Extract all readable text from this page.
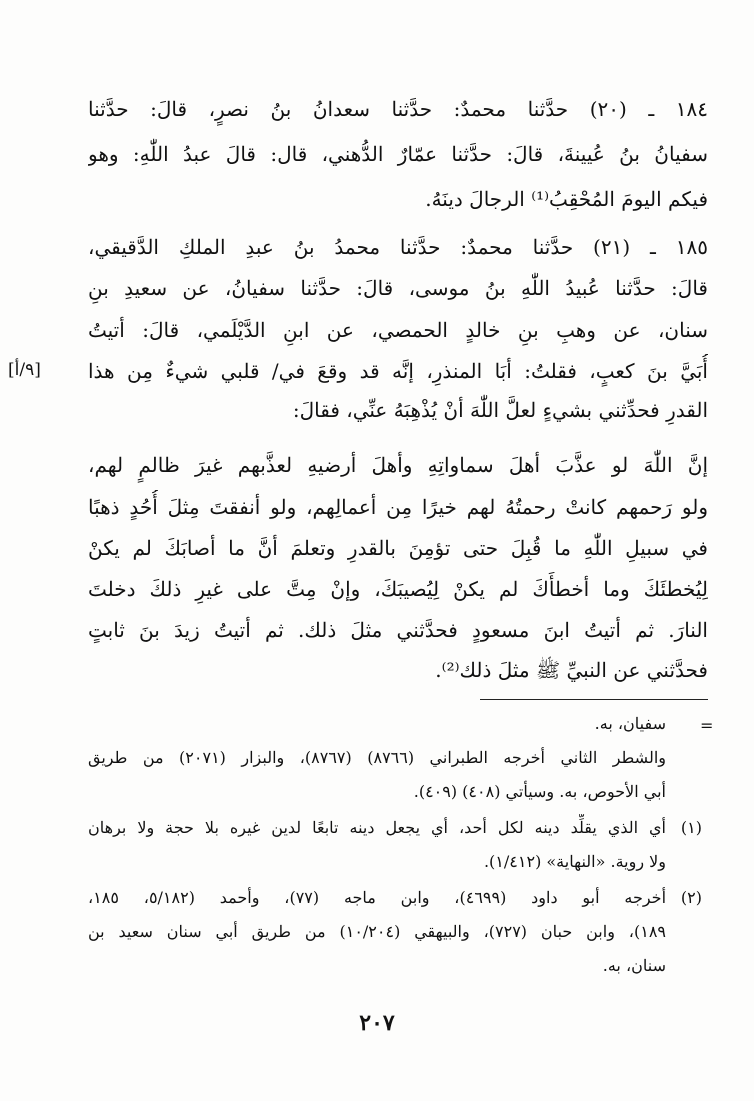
١٨٤ ـ (٢٠) حدَّثنا محمدٌ: حدَّثنا سعدانُ بنُ نصرٍ، قالَ: حدَّثنا
سفيانُ بنُ عُيينةَ، قالَ: حدَّثنا عمّارٌ الدُّهني، قال: قالَ عبدُ اللّٰهِ: وهو
فيكم اليومَ المُحْقِبُ⁽¹⁾ الرجالَ دينَهُ.
١٨٥ ـ (٢١) حدَّثنا محمدٌ: حدَّثنا محمدُ بنُ عبدِ الملكِ الدَّقيقي،
قالَ: حدَّثنا عُبيدُ اللّٰهِ بنُ موسى، قالَ: حدَّثنا سفيانُ، عن سعيدِ بنِ
سنان، عن وهبِ بنِ خالدٍ الحمصي، عن ابنِ الدَّيْلَمي، قالَ: أتيتُ
أُبَيَّ بنَ كعبٍ، فقلتُ: أبَا المنذرِ، إنَّه قد وقعَ في/ قلبي شيءٌ مِن هذا
القدرِ فحدِّثني بشيءٍ لعلَّ اللّٰهَ أنْ يُذْهِبَهُ عنِّي، فقالَ:
إنَّ اللّٰهَ لو عذَّبَ أهلَ سماواتِهِ وأهلَ أرضيهِ لعذَّبهم غيرَ ظالمٍ لهم،
ولو رَحمهم كانتْ رحمتُهُ لهم خيرًا مِن أعمالِهم، ولو أنفقتَ مِثلَ أُحُدٍ ذهبًا
في سبيلِ اللّٰهِ ما قُبِلَ حتى تؤمِنَ بالقدرِ وتعلمَ أنَّ ما أصابَكَ لم يكنْ
لِيُخطئَكَ وما أخطأَكَ لم يكنْ لِيُصيبَكَ، وإنْ مِتَّ على غيرِ ذلكَ دخلتَ
النارَ. ثم أتيتُ ابنَ مسعودٍ فحدَّثني مثلَ ذلك. ثم أتيتُ زيدَ بنَ ثابتٍ
فحدَّثني عن النبيِّ ﷺ مثلَ ذلك⁽²⁾.
[٩/أ]
=
سفيان، به.
والشطر الثاني أخرجه الطبراني (٨٧٦٦) (٨٧٦٧)، والبزار (٢٠٧١) من طريق
أبي الأحوص، به. وسيأتي (٤٠٨) (٤٠٩).
(١)
أي الذي يقلِّد دينه لكل أحد، أي يجعل دينه تابعًا لدين غيره بلا حجة ولا برهان
ولا روية. «النهاية» (١/٤١٢).
(٢)
أخرجه أبو داود (٤٦٩٩)، وابن ماجه (٧٧)، وأحمد (٥/١٨٢، ١٨٥،
١٨٩)، وابن حبان (٧٢٧)، والبيهقي (١٠/٢٠٤) من طريق أبي سنان سعيد بن
سنان، به.
٢٠٧
